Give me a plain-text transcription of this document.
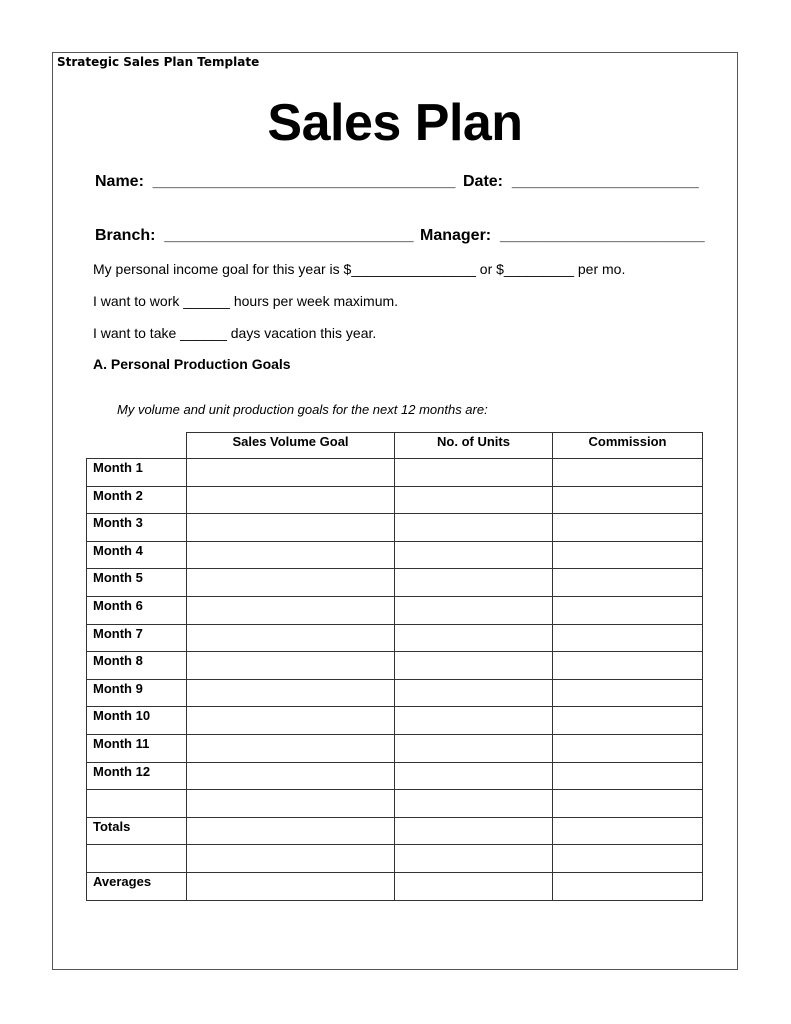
Strategic Sales Plan Template
Sales Plan
Name:  __________________________________ Date:  _____________________
Branch:  ____________________________ Manager:  _______________________
My personal income goal for this year is $________________ or $_________ per mo.
I want to work ______ hours per week maximum.
I want to take ______ days vacation this year.
A. Personal Production Goals
My volume and unit production goals for the next 12 months are:
	Sales Volume Goal	No. of Units	Commission
Month 1			
Month 2			
Month 3			
Month 4			
Month 5			
Month 6			
Month 7			
Month 8			
Month 9			
Month 10			
Month 11			
Month 12			

Totals			

Averages			
